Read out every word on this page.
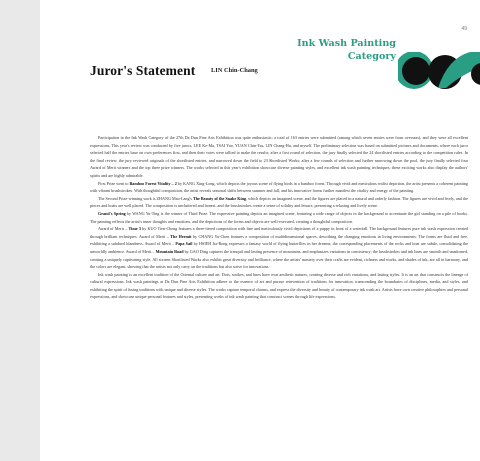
49
Ink Wash Painting
Category
Juror's Statement LIN Chin-Chang

Participation in the Ink Wash Category of the 27th Da Dun Fine Arts Exhibition was quite enthusiastic; a total of 163 entries were submitted (among which seven entries were from overseas), and they were all excellent expressions. This year's review was conducted by five jurors, LEE Ke-Ma, TSAI Yao, YUAN Chin-Tsu, LIN Chang-Hu, and myself. The preliminary selection was based on submitted pictures and documents, where each juror selected half the entries base on own preferences first, and then their votes were tallied to make the results; after a first round of selection, the jury finally selected the 24 shortlisted entries according to the competition rules. In the final review, the jury reviewed originals of the shortlisted entries, and narrowed down the field to 23 Shortlisted Works; after a few rounds of selection and further narrowing down the pool, the jury finally selected four Award of Merit winners and the top three prize winners. The works selected in this year's exhibition showcase diverse painting styles, and excellent ink wash painting techniques; these exciting works also display the authors' spirits and are highly admirable.

First Prize went to Bamboo Forest Vitality – 2 by KANG Xing-Long, which depicts the joyous scene of flying birds in a bamboo forest. Through vivid and meticulous realist depiction, the artist presents a coherent painting with vibrant brushstrokes. With thoughtful composition, the artist reveals seasonal shifts between summer and fall, and his innovative forms further manifest the vitality and energy of the painting.

The Second Prize-winning work is ZHANG Mao-Lang's The Beauty of the Snake King, which depicts an imagined scene, and the figures are placed in a natural and orderly fashion. The figures are vivid and lively, and the pieces and boats are well placed. The composition is uncluttered and honest, and the brushstrokes create a sense of solidity and leisure, presenting a relaxing and lively scene.

Grand's Spring by WANG Yu-Ting is the winner of Third Prize. The expressive painting depicts an imagined scene, featuring a wide range of objects in the background to accentuate the girl standing on a pile of books. The painting reflects the artist's inner thoughts and emotions, and the depictions of the forms and objects are well-executed, creating a thoughtful composition.

Award of Merit – Time 3 by KUO Tien-Cheng features a three-tiered composition with fine and meticulously vivid depictions of a puppy in front of a waterfall. The background features pure ink wash expression created through brilliant techniques. Award of Merit – The Hermit by CHANG Yu-Chen features a composition of multidimensional spaces, describing the changing emotions in living environments. The forms are fluid and free, exhibiting a subdued blandness. Award of Merit – Papa Sail by HSIEH Jia-Rong expresses a fantasy world of flying butterflies in her dreams; the corresponding placements of the rocks and boat are subtle, consolidating the unworldly ambience. Award of Merit – Mountain Road by GAO Ding captures the tranquil and lasting presence of mountains, and emphasizes variations in consistency; the brushstrokes and ink lines are smooth and unadorned, creating a uniquely captivating style. All sixteen Shortlisted Works also exhibit great diversity and brilliance, where the artists' mastery over their crafts are evident, richness and works, and shades of ink, are all in harmony, and the colors are elegant, showing that the artists not only carry on the traditions but also strive for innovations.

Ink wash painting is an excellent tradition of the Oriental culture and art. Dots, strokes, and lines have own aesthetic natures, creating diverse and rich variations, and lasting styles. It is an art that constructs the lineage of cultural expressions. Ink wash paintings at Da Dun Fine Arts Exhibition adhere to the essence of art and pursue reinvention of traditions for innovation, transcending the boundaries of disciplines, media, and styles, and exhibiting the spirit of fusing traditions with unique and diverse styles. The works capture temporal charms, and express the diversity and beauty of contemporary ink wash art. Artists have own creative philosophies and personal expressions, and showcase unique personal features and styles, presenting works of ink wash painting that construct scenes through life expressions.
